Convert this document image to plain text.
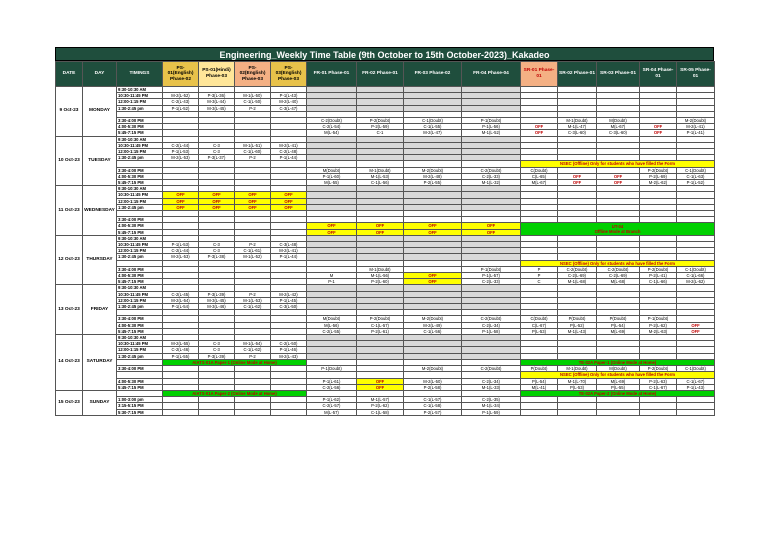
Engineering_Weekly Time Table (9th October to 15th October-2023)_Kakadeo
DATE	DAY	TIMINGS	PS-01(English) Phase-02	PS-01(Hindi) Phase-03	PS-02(English) Phase-03	PS-03(English) Phase-03	FR-01 Phase-01	FR-02 Phase-01	FR-03 Phase-02	FR-04 Phase-04	SR-01 Phase-01	SR-02 Phase-01	SR-03 Phase-01	SR-04 Phase-01	SR-05 Phase-01
9 Oct-23	MONDAY	9:30-10:30 AM													
		10:30-11:45 PM	M-2(L-52)	P-3(L-36)	M-1(L-50)	P-1(L-43)									
		12:00-1:15 PM	C-2(L-43)	M-3(L-44)	C-1(L-50)	M-2(L-40)									
		1:30-2:45 pm	P-1(L-52)	M-3(L-45)	P-2	C-3(L-47)									

		3:30-4:00 PM					C-2(Doubt)	P-2(Doubt)	C-1(Doubt)	P-1(Doubt)		M-1(Doubt)	M(Doubt)		M-2(Doubt)
		4:00-5:30 PM					C-2(L-54)	P-2(L-59)	C-1(L-55)	P-1(L-56)	OFF	M-1(L-47)	M(L-67)	OFF	M-2(L-41)
		5:45-7:15 PM					M(L-54)	C-1	M-2(L-47)	M-1(L-52)	OFF	C-3(L-60)	C-3(L-60)	OFF	P-1(L-41)
10 Oct-23	TUESDAY	9:30-10:30 AM													
		10:30-11:45 PM	C-2(L-44)	C-3	M-1(L-51)	M-2(L-41)									
		12:00-1:15 PM	P-1(L-53)	C-3	C-1(L-60)	C-2(L-48)									
		1:30-2:45 pm	M-2(L-53)	P-3(L-37)	P-2	P-1(L-44)									
											NSEC (Offline) Only for students who have filled the Form				
		3:30-4:00 PM					M(Doubt)	M-1(Doubt)	M-2(Doubt)	C-2(Doubt)	C(Doubt)			P-2(Doubt)	C-1(Doubt)
		4:00-5:30 PM					P-1(L-60)	M-1(L-53)	M-2(L-48)	C-2(L-33)	C(L-65)	OFF	OFF	P-2(L-69)	C-1(L-63)
		5:45-7:15 PM					M(L-55)	C-1(L-56)	P-2(L-55)	M-1(L-32)	M(L-67)	OFF	OFF	M-2(L-62)	P-1(L-52)
11 Oct-23	WEDNESDAY	9:30-10:30 AM													
		10:30-11:45 PM	OFF	OFF	OFF	OFF									
		12:00-1:15 PM	OFF	OFF	OFF	OFF									
		1:30-2:45 pm	OFF	OFF	OFF	OFF									

		3:30-4:00 PM													
		4:00-5:30 PM					OFF	OFF	OFF	OFF	UT-04
Offline Mode at Branch				

		5:45-7:15 PM					OFF	OFF	OFF	OFF					
12 Oct-23	THURSDAY	9:30-10:30 AM													
		10:30-11:45 PM	P-1(L-53)	C-3	P-2	C-3(L-48)									
		12:00-1:15 PM	C-2(L-44)	C-3	C-1(L-61)	M-2(L-41)									
		1:30-2:45 pm	M-2(L-53)	P-3(L-38)	M-1(L-52)	P-1(L-44)									
											NSEC (Offline) Only for students who have filled the Form				
		3:30-4:00 PM						M-1(Doubt)		P-1(Doubt)	P	C-2(Doubt)	C-2(Doubt)	P-2(Doubt)	C-1(Doubt)
		4:00-5:30 PM					M	M-1(L-56)	OFF	P-1(L-57)	P	C-2(L-69)	C-2(L-69)	P-2(L-41)	C-1(L-66)
		5:45-7:15 PM					P-1	P-2(L-60)	OFF	C-2(L-33)	C	M-1(L-68)	M(L-68)	C-1(L-66)	M-2(L-62)
13 Oct-23	FRIDAY	9:30-10:30 AM													
		10:30-11:45 PM	C-2(L-45)	P-3(L-39)	P-2	M-2(L-42)									
		12:00-1:15 PM	M-2(L-54)	M-3(L-45)	M-1(L-53)	P-1(L-45)									
		1:30-2:45 pm	P-1(L-54)	M-3(L-46)	C-1(L-62)	C-3(L-50)									

		3:30-4:00 PM					M(Doubt)	P-2(Doubt)	M-2(Doubt)	C-2(Doubt)	C(Doubt)	P(Doubt)	P(Doubt)	P-1(Doubt)	
		4:00-5:30 PM					M(L-56)	C-1(L-57)	M-2(L-49)	C-2(L-34)	C(L-67)	P(L-52)	P(L-54)	P-2(L-62)	OFF
		5:45-7:15 PM					C-2(L-55)	P-2(L-61)	C-1(L-56)	P-1(L-58)	P(L-53)	M-1(L-43)	M(L-69)	M-2(L-63)	OFF
14 Oct-23	SATURDAY	9:30-10:30 AM													
		10:30-11:45 PM	M-2(L-55)	C-3	M-1(L-54)	C-2(L-50)									
		12:00-1:15 PM	C-2(L-46)	C-3	C-1(L-62)	P-1(L-46)									
		1:30-2:45 pm	P-1(L-55)	P-3(L-39)	P-2	M-2(L-43)									
			AIATS-01A Paper-1 (Online Mode at Home)								TE-02A Paper-1 (Online Mode at Home)				
		3:30-4:00 PM					P-1(Doubt)		M-2(Doubt)	C-2(Doubt)	P(Doubt)	M-1(Doubt)	M(Doubt)	P-2(Doubt)	C-1(Doubt)
											NSEC (Offline) Only for students who have filled the Form				
		4:00-5:30 PM					P-1(L-61)	OFF	M-2(L-50)	C-2(L-34)	P(L-54)	M-1(L-70)	M(L-69)	P-2(L-63)	C-1(L-67)
		5:45-7:15 PM					C-2(L-56)	OFF	P-2(L-58)	M-1(L-33)	M(L-41)	P(L-53)	P(L-55)	C-1(L-67)	P-1(L-43)
15 Oct-23	SUNDAY		AIATS-01A Paper-2 (Online Mode at Home)								TE-02A Paper-2 (Online Mode at Home)				
		1:00-3:00 pm					P-1(L-62)	M-1(L-57)	C-1(L-57)	C-2(L-35)					
		3:15-5:15 PM					C-2(L-57)	P-2(L-62)	C-1(L-58)	M-1(L-34)					
		5:30-7:15 PM					M(L-57)	C-1(L-58)	P-2(L-57)	P-1(L-59)					
